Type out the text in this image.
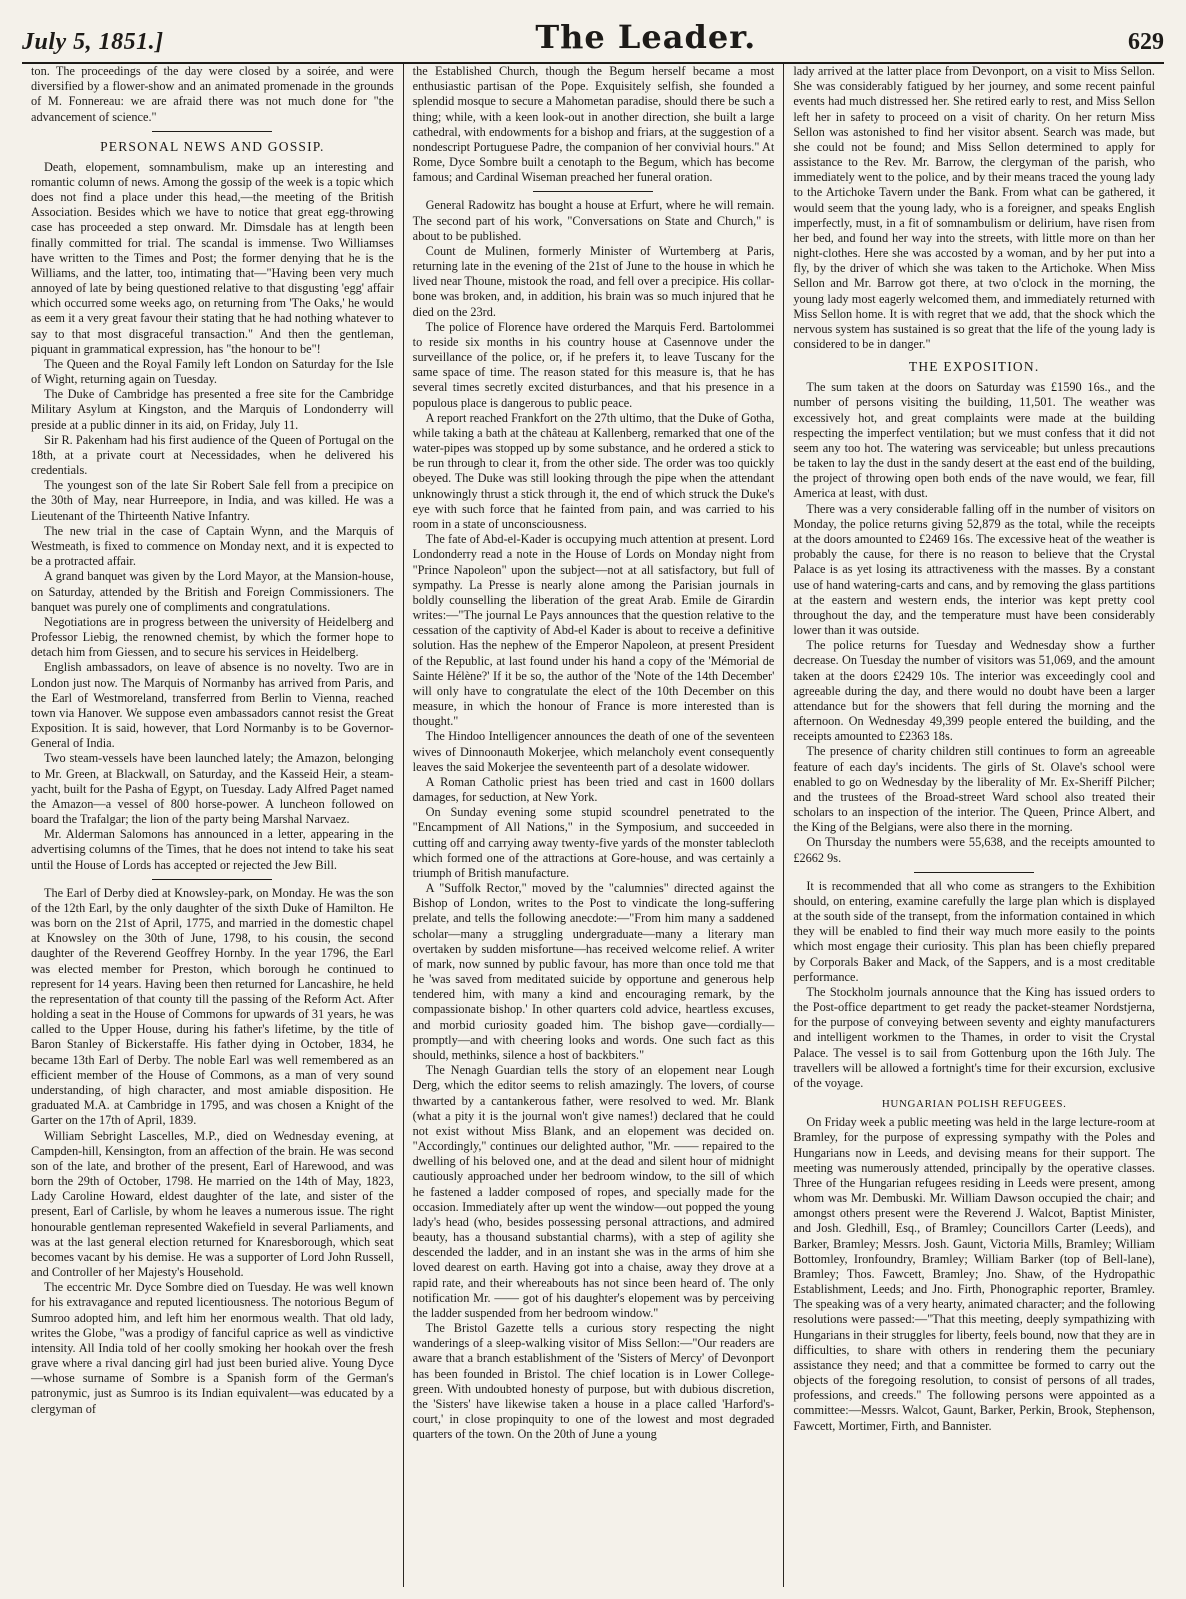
July 5, 1851.]	The Leader.	629

ton. The proceedings of the day were closed by a soirée, and were diversified by a flower-show and an animated promenade in the grounds of M. Fonnereau: we are afraid there was not much done for "the advancement of science."

PERSONAL NEWS AND GOSSIP.

Death, elopement, somnambulism, make up an interesting and romantic column of news. Among the gossip of the week is a topic which does not find a place under this head,—the meeting of the British Association. Besides which we have to notice that great egg-throwing case has proceeded a step onward. Mr. Dimsdale has at length been finally committed for trial. The scandal is immense. Two Williamses have written to the Times and Post; the former denying that he is the Williams, and the latter, too, intimating that—"Having been very much annoyed of late by being questioned relative to that disgusting 'egg' affair which occurred some weeks ago, on returning from 'The Oaks,' he would as eem it a very great favour their stating that he had nothing whatever to say to that most disgraceful transaction." And then the gentleman, piquant in grammatical expression, has "the honour to be"!

The Queen and the Royal Family left London on Saturday for the Isle of Wight, returning again on Tuesday.

The Duke of Cambridge has presented a free site for the Cambridge Military Asylum at Kingston, and the Marquis of Londonderry will preside at a public dinner in its aid, on Friday, July 11.

Sir R. Pakenham had his first audience of the Queen of Portugal on the 18th, at a private court at Necessidades, when he delivered his credentials.

The youngest son of the late Sir Robert Sale fell from a precipice on the 30th of May, near Hurreepore, in India, and was killed. He was a Lieutenant of the Thirteenth Native Infantry.

The new trial in the case of Captain Wynn, and the Marquis of Westmeath, is fixed to commence on Monday next, and it is expected to be a protracted affair.

A grand banquet was given by the Lord Mayor, at the Mansion-house, on Saturday, attended by the British and Foreign Commissioners. The banquet was purely one of compliments and congratulations.

Negotiations are in progress between the university of Heidelberg and Professor Liebig, the renowned chemist, by which the former hope to detach him from Giessen, and to secure his services in Heidelberg.

English ambassadors, on leave of absence is no novelty. Two are in London just now. The Marquis of Normanby has arrived from Paris, and the Earl of Westmoreland, transferred from Berlin to Vienna, reached town via Hanover. We suppose even ambassadors cannot resist the Great Exposition. It is said, however, that Lord Normanby is to be Governor-General of India.

Two steam-vessels have been launched lately; the Amazon, belonging to Mr. Green, at Blackwall, on Saturday, and the Kasseid Heir, a steam-yacht, built for the Pasha of Egypt, on Tuesday. Lady Alfred Paget named the Amazon—a vessel of 800 horse-power. A luncheon followed on board the Trafalgar; the lion of the party being Marshal Narvaez.

Mr. Alderman Salomons has announced in a letter, appearing in the advertising columns of the Times, that he does not intend to take his seat until the House of Lords has accepted or rejected the Jew Bill.

The Earl of Derby died at Knowsley-park, on Monday. He was the son of the 12th Earl, by the only daughter of the sixth Duke of Hamilton. He was born on the 21st of April, 1775, and married in the domestic chapel at Knowsley on the 30th of June, 1798, to his cousin, the second daughter of the Reverend Geoffrey Hornby. In the year 1796, the Earl was elected member for Preston, which borough he continued to represent for 14 years. Having been then returned for Lancashire, he held the representation of that county till the passing of the Reform Act. After holding a seat in the House of Commons for upwards of 31 years, he was called to the Upper House, during his father's lifetime, by the title of Baron Stanley of Bickerstaffe. His father dying in October, 1834, he became 13th Earl of Derby. The noble Earl was well remembered as an efficient member of the House of Commons, as a man of very sound understanding, of high character, and most amiable disposition. He graduated M.A. at Cambridge in 1795, and was chosen a Knight of the Garter on the 17th of April, 1839.

William Sebright Lascelles, M.P., died on Wednesday evening, at Campden-hill, Kensington, from an affection of the brain. He was second son of the late, and brother of the present, Earl of Harewood, and was born the 29th of October, 1798. He married on the 14th of May, 1823, Lady Caroline Howard, eldest daughter of the late, and sister of the present, Earl of Carlisle, by whom he leaves a numerous issue. The right honourable gentleman represented Wakefield in several Parliaments, and was at the last general election returned for Knaresborough, which seat becomes vacant by his demise. He was a supporter of Lord John Russell, and Controller of her Majesty's Household.

The eccentric Mr. Dyce Sombre died on Tuesday. He was well known for his extravagance and reputed licentiousness. The notorious Begum of Sumroo adopted him, and left him her enormous wealth. That old lady, writes the Globe, "was a prodigy of fanciful caprice as well as vindictive intensity. All India told of her coolly smoking her hookah over the fresh grave where a rival dancing girl had just been buried alive. Young Dyce—whose surname of Sombre is a Spanish form of the German's patronymic, just as Sumroo is its Indian equivalent—was educated by a clergyman of

the Established Church, though the Begum herself became a most enthusiastic partisan of the Pope. Exquisitely selfish, she founded a splendid mosque to secure a Mahometan paradise, should there be such a thing; while, with a keen look-out in another direction, she built a large cathedral, with endowments for a bishop and friars, at the suggestion of a nondescript Portuguese Padre, the companion of her convivial hours." At Rome, Dyce Sombre built a cenotaph to the Begum, which has become famous; and Cardinal Wiseman preached her funeral oration.

General Radowitz has bought a house at Erfurt, where he will remain. The second part of his work, "Conversations on State and Church," is about to be published.

Count de Mulinen, formerly Minister of Wurtemberg at Paris, returning late in the evening of the 21st of June to the house in which he lived near Thoune, mistook the road, and fell over a precipice. His collar-bone was broken, and, in addition, his brain was so much injured that he died on the 23rd.

The police of Florence have ordered the Marquis Ferd. Bartolommei to reside six months in his country house at Casennove under the surveillance of the police, or, if he prefers it, to leave Tuscany for the same space of time. The reason stated for this measure is, that he has several times secretly excited disturbances, and that his presence in a populous place is dangerous to public peace.

A report reached Frankfort on the 27th ultimo, that the Duke of Gotha, while taking a bath at the château at Kallenberg, remarked that one of the water-pipes was stopped up by some substance, and he ordered a stick to be run through to clear it, from the other side. The order was too quickly obeyed. The Duke was still looking through the pipe when the attendant unknowingly thrust a stick through it, the end of which struck the Duke's eye with such force that he fainted from pain, and was carried to his room in a state of unconsciousness.

The fate of Abd-el-Kader is occupying much attention at present. Lord Londonderry read a note in the House of Lords on Monday night from "Prince Napoleon" upon the subject—not at all satisfactory, but full of sympathy. La Presse is nearly alone among the Parisian journals in boldly counselling the liberation of the great Arab. Emile de Girardin writes:—"The journal Le Pays announces that the question relative to the cessation of the captivity of Abd-el Kader is about to receive a definitive solution. Has the nephew of the Emperor Napoleon, at present President of the Republic, at last found under his hand a copy of the 'Mémorial de Sainte Hélène?' If it be so, the author of the 'Note of the 14th December' will only have to congratulate the elect of the 10th December on this measure, in which the honour of France is more interested than is thought."

The Hindoo Intelligencer announces the death of one of the seventeen wives of Dinnoonauth Mokerjee, which melancholy event consequently leaves the said Mokerjee the seventeenth part of a desolate widower.

A Roman Catholic priest has been tried and cast in 1600 dollars damages, for seduction, at New York.

On Sunday evening some stupid scoundrel penetrated to the "Encampment of All Nations," in the Symposium, and succeeded in cutting off and carrying away twenty-five yards of the monster tablecloth which formed one of the attractions at Gore-house, and was certainly a triumph of British manufacture.

A "Suffolk Rector," moved by the "calumnies" directed against the Bishop of London, writes to the Post to vindicate the long-suffering prelate, and tells the following anecdote:—"From him many a saddened scholar—many a struggling undergraduate—many a literary man overtaken by sudden misfortune—has received welcome relief. A writer of mark, now sunned by public favour, has more than once told me that he 'was saved from meditated suicide by opportune and generous help tendered him, with many a kind and encouraging remark, by the compassionate bishop.' In other quarters cold advice, heartless excuses, and morbid curiosity goaded him. The bishop gave—cordially—promptly—and with cheering looks and words. One such fact as this should, methinks, silence a host of backbiters."

The Nenagh Guardian tells the story of an elopement near Lough Derg, which the editor seems to relish amazingly. The lovers, of course thwarted by a cantankerous father, were resolved to wed. Mr. Blank (what a pity it is the journal won't give names!) declared that he could not exist without Miss Blank, and an elopement was decided on. "Accordingly," continues our delighted author, "Mr. —— repaired to the dwelling of his beloved one, and at the dead and silent hour of midnight cautiously approached under her bedroom window, to the sill of which he fastened a ladder composed of ropes, and specially made for the occasion. Immediately after up went the window—out popped the young lady's head (who, besides possessing personal attractions, and admired beauty, has a thousand substantial charms), with a step of agility she descended the ladder, and in an instant she was in the arms of him she loved dearest on earth. Having got into a chaise, away they drove at a rapid rate, and their whereabouts has not since been heard of. The only notification Mr. —— got of his daughter's elopement was by perceiving the ladder suspended from her bedroom window."

The Bristol Gazette tells a curious story respecting the night wanderings of a sleep-walking visitor of Miss Sellon:—"Our readers are aware that a branch establishment of the 'Sisters of Mercy' of Devonport has been founded in Bristol. The chief location is in Lower College-green. With undoubted honesty of purpose, but with dubious discretion, the 'Sisters' have likewise taken a house in a place called 'Harford's-court,' in close propinquity to one of the lowest and most degraded quarters of the town. On the 20th of June a young

lady arrived at the latter place from Devonport, on a visit to Miss Sellon. She was considerably fatigued by her journey, and some recent painful events had much distressed her. She retired early to rest, and Miss Sellon left her in safety to proceed on a visit of charity. On her return Miss Sellon was astonished to find her visitor absent. Search was made, but she could not be found; and Miss Sellon determined to apply for assistance to the Rev. Mr. Barrow, the clergyman of the parish, who immediately went to the police, and by their means traced the young lady to the Artichoke Tavern under the Bank. From what can be gathered, it would seem that the young lady, who is a foreigner, and speaks English imperfectly, must, in a fit of somnambulism or delirium, have risen from her bed, and found her way into the streets, with little more on than her night-clothes. Here she was accosted by a woman, and by her put into a fly, by the driver of which she was taken to the Artichoke. When Miss Sellon and Mr. Barrow got there, at two o'clock in the morning, the young lady most eagerly welcomed them, and immediately returned with Miss Sellon home. It is with regret that we add, that the shock which the nervous system has sustained is so great that the life of the young lady is considered to be in danger."

THE EXPOSITION.

The sum taken at the doors on Saturday was £1590 16s., and the number of persons visiting the building, 11,501. The weather was excessively hot, and great complaints were made at the building respecting the imperfect ventilation; but we must confess that it did not seem any too hot. The watering was serviceable; but unless precautions be taken to lay the dust in the sandy desert at the east end of the building, the project of throwing open both ends of the nave would, we fear, fill America at least, with dust.

There was a very considerable falling off in the number of visitors on Monday, the police returns giving 52,879 as the total, while the receipts at the doors amounted to £2469 16s. The excessive heat of the weather is probably the cause, for there is no reason to believe that the Crystal Palace is as yet losing its attractiveness with the masses. By a constant use of hand watering-carts and cans, and by removing the glass partitions at the eastern and western ends, the interior was kept pretty cool throughout the day, and the temperature must have been considerably lower than it was outside.

The police returns for Tuesday and Wednesday show a further decrease. On Tuesday the number of visitors was 51,069, and the amount taken at the doors £2429 10s. The interior was exceedingly cool and agreeable during the day, and there would no doubt have been a larger attendance but for the showers that fell during the morning and the afternoon. On Wednesday 49,399 people entered the building, and the receipts amounted to £2363 18s.

The presence of charity children still continues to form an agreeable feature of each day's incidents. The girls of St. Olave's school were enabled to go on Wednesday by the liberality of Mr. Ex-Sheriff Pilcher; and the trustees of the Broad-street Ward school also treated their scholars to an inspection of the interior. The Queen, Prince Albert, and the King of the Belgians, were also there in the morning.

On Thursday the numbers were 55,638, and the receipts amounted to £2662 9s.

It is recommended that all who come as strangers to the Exhibition should, on entering, examine carefully the large plan which is displayed at the south side of the transept, from the information contained in which they will be enabled to find their way much more easily to the points which most engage their curiosity. This plan has been chiefly prepared by Corporals Baker and Mack, of the Sappers, and is a most creditable performance.

The Stockholm journals announce that the King has issued orders to the Post-office department to get ready the packet-steamer Nordstjerna, for the purpose of conveying between seventy and eighty manufacturers and intelligent workmen to the Thames, in order to visit the Crystal Palace. The vessel is to sail from Gottenburg upon the 16th July. The travellers will be allowed a fortnight's time for their excursion, exclusive of the voyage.

HUNGARIAN POLISH REFUGEES.

On Friday week a public meeting was held in the large lecture-room at Bramley, for the purpose of expressing sympathy with the Poles and Hungarians now in Leeds, and devising means for their support. The meeting was numerously attended, principally by the operative classes. Three of the Hungarian refugees residing in Leeds were present, among whom was Mr. Dembuski. Mr. William Dawson occupied the chair; and amongst others present were the Reverend J. Walcot, Baptist Minister, and Josh. Gledhill, Esq., of Bramley; Councillors Carter (Leeds), and Barker, Bramley; Messrs. Josh. Gaunt, Victoria Mills, Bramley; William Bottomley, Ironfoundry, Bramley; William Barker (top of Bell-lane), Bramley; Thos. Fawcett, Bramley; Jno. Shaw, of the Hydropathic Establishment, Leeds; and Jno. Firth, Phonographic reporter, Bramley. The speaking was of a very hearty, animated character; and the following resolutions were passed:—"That this meeting, deeply sympathizing with Hungarians in their struggles for liberty, feels bound, now that they are in difficulties, to share with others in rendering them the pecuniary assistance they need; and that a committee be formed to carry out the objects of the foregoing resolution, to consist of persons of all trades, professions, and creeds." The following persons were appointed as a committee:—Messrs. Walcot, Gaunt, Barker, Perkin, Brook, Stephenson, Fawcett, Mortimer, Firth, and Bannister.
